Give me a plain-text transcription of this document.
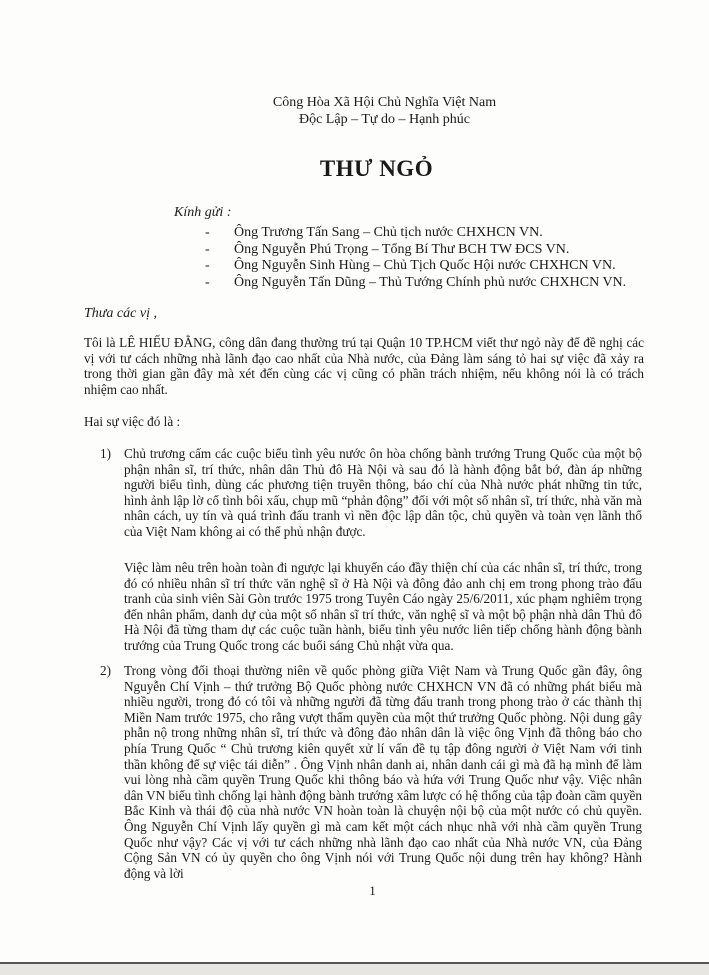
Công Hòa Xã Hội Chủ Nghĩa Việt Nam
Độc Lập – Tự do – Hạnh phúc
THƯ NGỎ
Kính gửi :
- Ông Trương Tấn Sang – Chủ tịch nước CHXHCN VN.
- Ông Nguyễn Phú Trọng – Tổng Bí Thư BCH TW ĐCS VN.
- Ông Nguyễn Sinh Hùng – Chủ Tịch Quốc Hội nước CHXHCN VN.
- Ông Nguyễn Tấn Dũng – Thủ Tướng Chính phủ nước CHXHCN VN.
Thưa các vị ,
Tôi là LÊ HIẾU ĐẰNG, công dân đang thường trú tại Quận 10 TP.HCM viết thư ngỏ này để đề nghị các vị với tư cách những nhà lãnh đạo cao nhất của Nhà nước, của Đảng làm sáng tỏ hai sự việc đã xảy ra trong thời gian gần đây mà xét đến cùng các vị cũng có phần trách nhiệm, nếu không nói là có trách nhiệm cao nhất.
Hai sự việc đó là :
1) Chủ trương cấm các cuộc biểu tình yêu nước ôn hòa chống bành trướng Trung Quốc của một bộ phận nhân sĩ, trí thức, nhân dân Thủ đô Hà Nội và sau đó là hành động bắt bớ, đàn áp những người biểu tình, dùng các phương tiện truyền thông, báo chí của Nhà nước phát những tin tức, hình ảnh lập lờ cố tình bôi xấu, chụp mũ “phản động” đối với một số nhân sĩ, trí thức, nhà văn mà nhân cách, uy tín và quá trình đấu tranh vì nền độc lập dân tộc, chủ quyền và toàn vẹn lãnh thổ của Việt Nam không ai có thể phủ nhận được.
Việc làm nêu trên hoàn toàn đi ngược lại khuyến cáo đầy thiện chí của các nhân sĩ, trí thức, trong đó có nhiều nhân sĩ trí thức văn nghệ sĩ ở Hà Nội và đông đảo anh chị em trong phong trào đấu tranh của sinh viên Sài Gòn trước 1975 trong Tuyên Cáo ngày 25/6/2011, xúc phạm nghiêm trọng đến nhân phẩm, danh dự của một số nhân sĩ trí thức, văn nghệ sĩ và một bộ phận nhà dân Thủ đô Hà Nội đã từng tham dự các cuộc tuần hành, biểu tình yêu nước liên tiếp chống hành động bành trướng của Trung Quốc trong các buổi sáng Chủ nhật vừa qua.
2) Trong vòng đối thoại thường niên về quốc phòng giữa Việt Nam và Trung Quốc gần đây, ông Nguyễn Chí Vịnh – thứ trưởng Bộ Quốc phòng nước CHXHCN VN đã có những phát biểu mà nhiều người, trong đó có tôi và những người đã từng đấu tranh trong phong trào ở các thành thị Miền Nam trước 1975, cho rằng vượt thẩm quyền của một thứ trưởng Quốc phòng. Nội dung gây phẫn nộ trong những nhân sĩ, trí thức và đông đảo nhân dân là việc ông Vịnh đã thông báo cho phía Trung Quốc “ Chủ trương kiên quyết xử lí vấn đề tụ tập đông người ở Việt Nam với tinh thần không để sự việc tái diễn” . Ông Vịnh nhân danh ai, nhân danh cái gì mà đã hạ mình để làm vui lòng nhà cầm quyền Trung Quốc khi thông báo và hứa với Trung Quốc như vậy. Việc nhân dân VN biểu tình chống lại hành động bành trướng xâm lược có hệ thống của tập đoàn cầm quyền Bắc Kinh và thái độ của nhà nước VN hoàn toàn là chuyện nội bộ của một nước có chủ quyền. Ông Nguyễn Chí Vịnh lấy quyền gì mà cam kết một cách nhục nhã với nhà cầm quyền Trung Quốc như vậy? Các vị với tư cách những nhà lãnh đạo cao nhất của Nhà nước VN, của Đảng Cộng Sản VN có ủy quyền cho ông Vịnh nói với Trung Quốc nội dung trên hay không? Hành động và lời
1
